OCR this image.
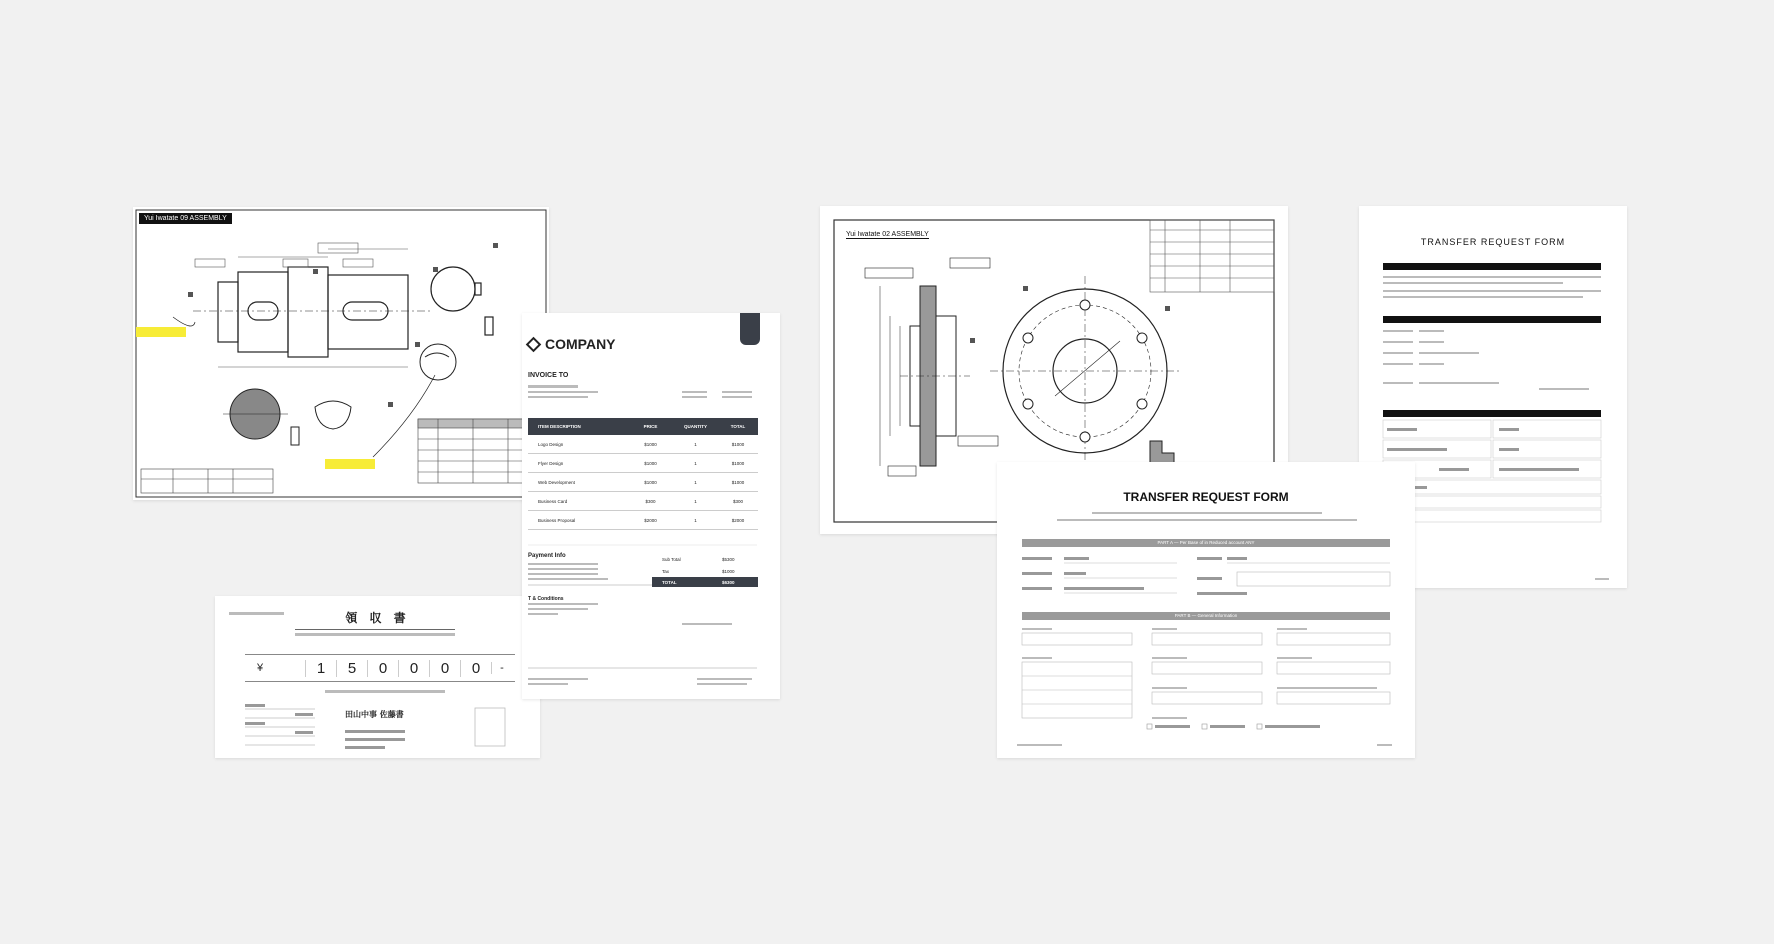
Yui Iwatate 09 ASSEMBLY
領 収 書
¥	1	5	0	0	0	0	-
田山中事 佐藤書
COMPANY
INVOICE TO
ITEM DESCRIPTION	PRICE	QUANTITY	TOTAL
Logo Design	$1000	1	$1000
Flyer Design	$1000	1	$1000
Web Development	$1000	1	$1000
Business Card	$300	1	$300
Business Proposal	$2000	1	$2000
Payment Info	Sub Total	$5300
Tax	$1000
TOTAL	$6300
T & Conditions
Yui Iwatate 02 ASSEMBLY
TRANSFER REQUEST FORM
TRANSFER REQUEST FORM
PART A — Per Base of in Reduced account ANY
PART B — General Information
